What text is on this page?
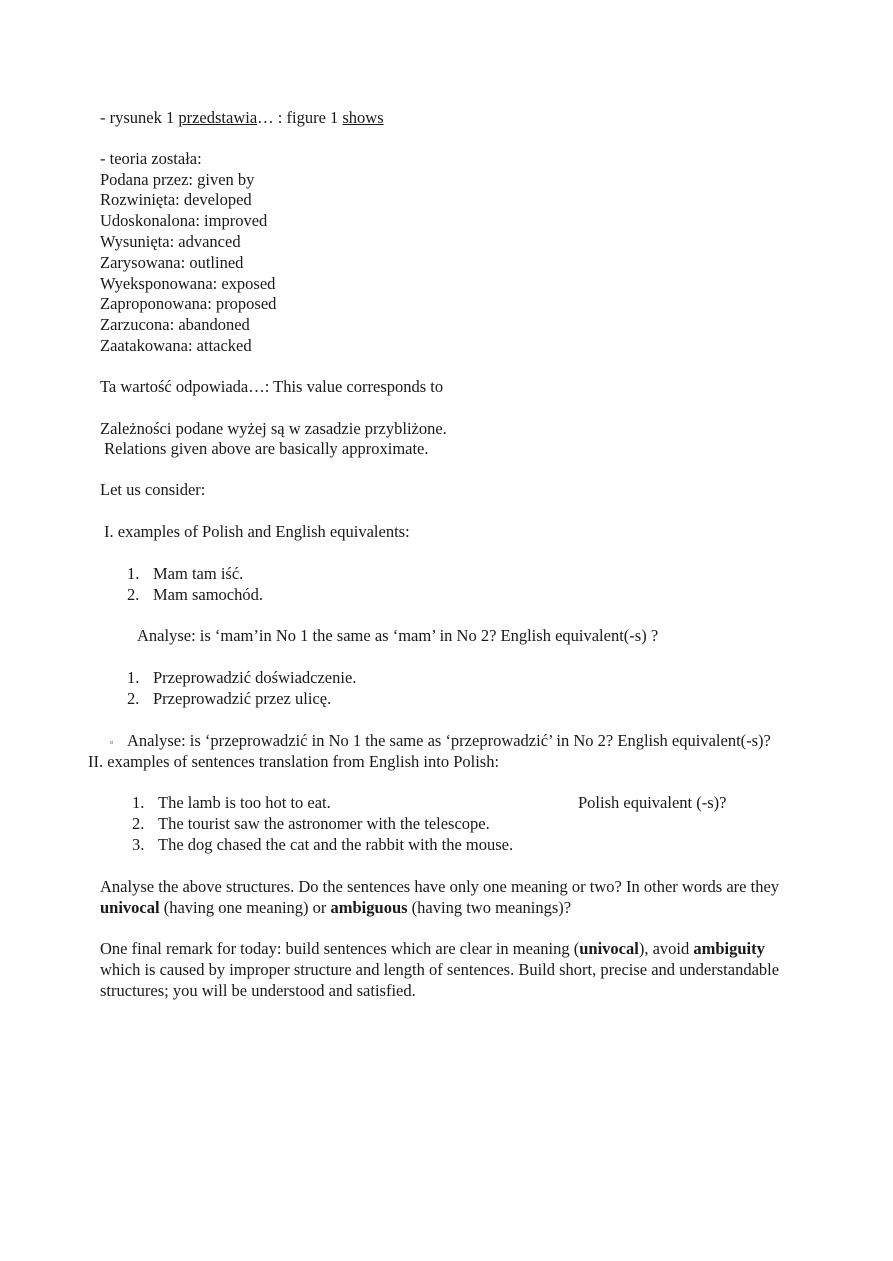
- rysunek 1 przedstawia… : figure 1 shows
- teoria została:
Podana przez: given by
Rozwinięta: developed
Udoskonalona: improved
Wysunięta: advanced
Zarysowana: outlined
Wyeksponowana: exposed
Zaproponowana: proposed
Zarzucona: abandoned
Zaatakowana: attacked
Ta wartość odpowiada…: This value corresponds to
Zależności podane wyżej są w zasadzie przybliżone.
Relations given above are basically approximate.
Let us consider:
I. examples of Polish and English equivalents:
1. Mam tam iść.
2. Mam samochód.
Analyse: is ‘mam’in No 1 the same as ‘mam’ in No 2? English equivalent(-s) ?
1. Przeprowadzić doświadczenie.
2. Przeprowadzić przez ulicę.
▫ Analyse: is ‘przeprowadzić in No 1 the same as ‘przeprowadzić’ in No 2? English equivalent(-s)?
II. examples of sentences translation from English into Polish:
1. The lamb is too hot to eat.	Polish equivalent (-s)?
2. The tourist saw the astronomer with the telescope.
3. The dog chased the cat and the rabbit with the mouse.
Analyse the above structures. Do the sentences have only one meaning or two? In other words are they univocal (having one meaning) or ambiguous (having two meanings)?
One final remark for today: build sentences which are clear in meaning (univocal), avoid ambiguity which is caused by improper structure and length of sentences. Build short, precise and understandable structures; you will be understood and satisfied.
